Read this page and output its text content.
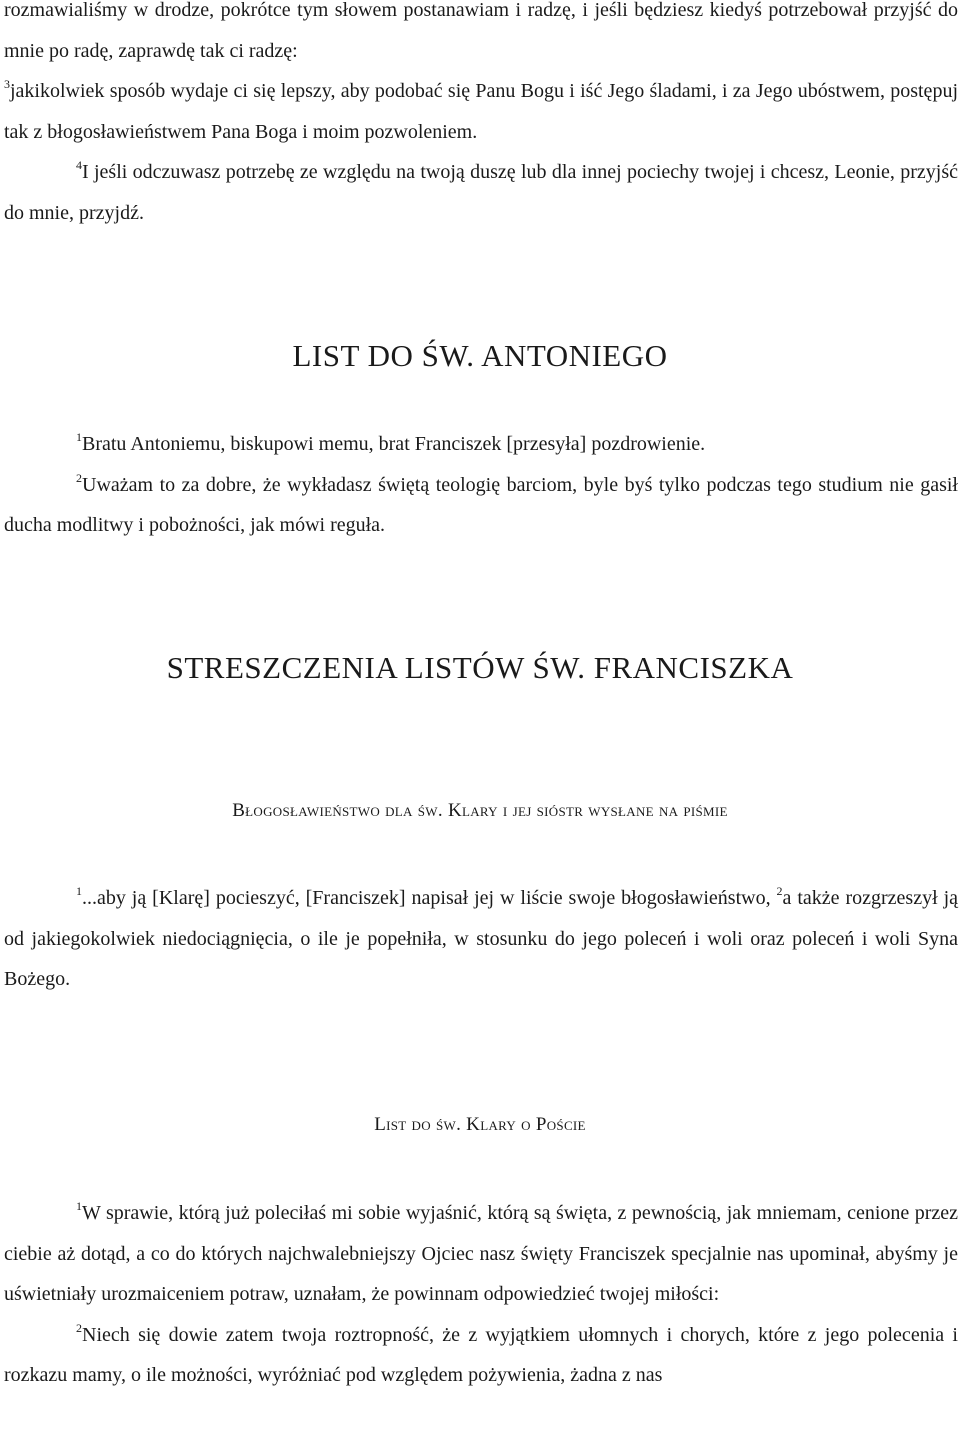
rozmawialiśmy w drodze, pokrótce tym słowem postanawiam i radzę, i jeśli będziesz kiedyś potrzebował przyjść do mnie po radę, zaprawdę tak ci radzę:

$^3$jakikolwiek sposób wydaje ci się lepszy, aby podobać się Panu Bogu i iść Jego śladami, i za Jego ubóstwem, postępuj tak z błogosławieństwem Pana Boga i moim pozwoleniem.

$^4$I jeśli odczuwasz potrzebę ze względu na twoją duszę lub dla innej pociechy twojej i chcesz, Leonie, przyjść do mnie, przyjdź.

LIST DO ŚW. ANTONIEGO

$^1$Bratu Antoniemu, biskupowi memu, brat Franciszek [przesyła] pozdrowienie.

$^2$Uważam to za dobre, że wykładasz świętą teologię barciom, byle byś tylko podczas tego studium nie gasił ducha modlitwy i pobożności, jak mówi reguła.

STRESZCZENIA LISTÓW ŚW. FRANCISZKA
Błogosławieństwo dla św. Klary i jej sióstr wysłane na piśmie

$^1$...aby ją [Klarę] pocieszyć, [Franciszek] napisał jej w liście swoje błogosławieństwo, $^2$a także rozgrzeszył ją od jakiegokolwiek niedociągnięcia, o ile je popełniła, w stosunku do jego poleceń i woli oraz poleceń i woli Syna Bożego.

List do św. Klary o Poście

$^1$W sprawie, którą już poleciłaś mi sobie wyjaśnić, którą są święta, z pewnością, jak mniemam, cenione przez ciebie aż dotąd, a co do których najchwalebniejszy Ojciec nasz święty Franciszek specjalnie nas upominał, abyśmy je uświetniały urozmaiceniem potraw, uznałam, że powinnam odpowiedzieć twojej miłości:

$^2$Niech się dowie zatem twoja roztropność, że z wyjątkiem ułomnych i chorych, które z jego polecenia i rozkazu mamy, o ile możności, wyróżniać pod względem pożywienia, żadna z nas
